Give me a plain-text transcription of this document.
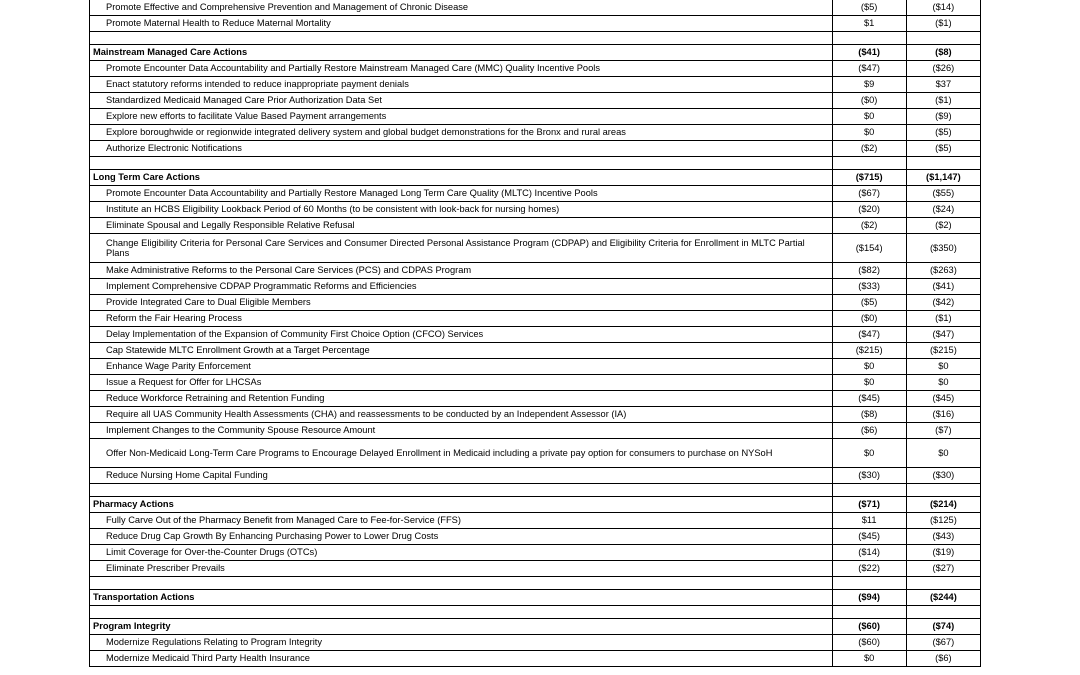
Promote Effective and Comprehensive Prevention and Management of Chronic Disease	($5)	($14)
Promote Maternal Health to Reduce Maternal Mortality	$1	($1)

Mainstream Managed Care Actions	($41)	($8)
Promote Encounter Data Accountability and Partially Restore Mainstream Managed Care (MMC) Quality Incentive Pools	($47)	($26)
Enact statutory reforms intended to reduce inappropriate payment denials	$9	$37
Standardized Medicaid Managed Care Prior Authorization Data Set	($0)	($1)
Explore new efforts to facilitate Value Based Payment arrangements	$0	($9)
Explore boroughwide or regionwide integrated delivery system and global budget demonstrations for the Bronx and rural areas	$0	($5)
Authorize Electronic Notifications	($2)	($5)

Long Term Care Actions	($715)	($1,147)
Promote Encounter Data Accountability and Partially Restore Managed Long Term Care Quality (MLTC) Incentive Pools	($67)	($55)
Institute an HCBS Eligibility Lookback Period of 60 Months (to be consistent with look-back for nursing homes)	($20)	($24)
Eliminate Spousal and Legally Responsible Relative Refusal	($2)	($2)
Change Eligibility Criteria for Personal Care Services and Consumer Directed Personal Assistance Program (CDPAP) and Eligibility Criteria for Enrollment in MLTC Partial Plans	($154)	($350)
Make Administrative Reforms to the Personal Care Services (PCS) and CDPAS Program	($82)	($263)
Implement Comprehensive CDPAP Programmatic Reforms and Efficiencies	($33)	($41)
Provide Integrated Care to Dual Eligible Members	($5)	($42)
Reform the Fair Hearing Process	($0)	($1)
Delay Implementation of the Expansion of Community First Choice Option (CFCO) Services	($47)	($47)
Cap Statewide MLTC Enrollment Growth at a Target Percentage	($215)	($215)
Enhance Wage Parity Enforcement	$0	$0
Issue a Request for Offer for LHCSAs	$0	$0
Reduce Workforce Retraining and Retention Funding	($45)	($45)
Require all UAS Community Health Assessments (CHA) and reassessments to be conducted by an Independent Assessor (IA)	($8)	($16)
Implement Changes to the Community Spouse Resource Amount	($6)	($7)
Offer Non-Medicaid Long-Term Care Programs to Encourage Delayed Enrollment in Medicaid including a private pay option for consumers to purchase on NYSoH	$0	$0
Reduce Nursing Home Capital Funding	($30)	($30)

Pharmacy Actions	($71)	($214)
Fully Carve Out of the Pharmacy Benefit from Managed Care to Fee-for-Service (FFS)	$11	($125)
Reduce Drug Cap Growth By Enhancing Purchasing Power to Lower Drug Costs	($45)	($43)
Limit Coverage for Over-the-Counter Drugs (OTCs)	($14)	($19)
Eliminate Prescriber Prevails	($22)	($27)

Transportation Actions	($94)	($244)

Program Integrity	($60)	($74)
Modernize Regulations Relating to Program Integrity	($60)	($67)
Modernize Medicaid Third Party Health Insurance	$0	($6)
